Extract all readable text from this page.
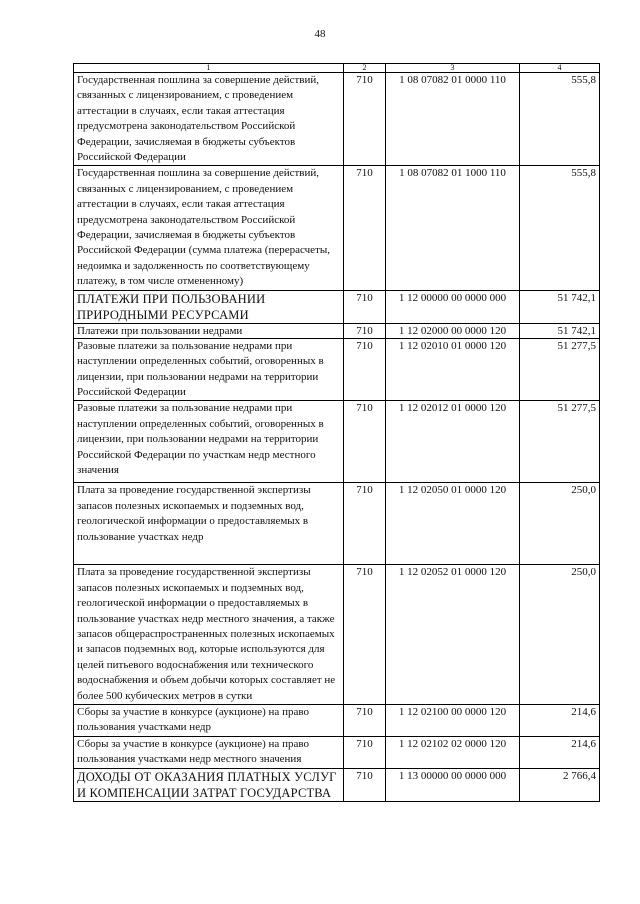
48
1	2	3	4
Государственная пошлина за совершение действий, связанных с лицензированием, с проведением аттестации в случаях, если такая аттестация предусмотрена законодательством Российской Федерации, зачисляемая в бюджеты субъектов Российской Федерации	710	1 08 07082 01 0000 110	555,8
Государственная пошлина за совершение действий, связанных с лицензированием, с проведением аттестации в случаях, если такая аттестация предусмотрена законодательством Российской Федерации, зачисляемая в бюджеты субъектов Российской Федерации (сумма платежа (перерасчеты, недоимка и задолженность по соответствующему платежу, в том числе отмененному)	710	1 08 07082 01 1000 110	555,8
ПЛАТЕЖИ ПРИ ПОЛЬЗОВАНИИ ПРИРОДНЫМИ РЕСУРСАМИ	710	1 12 00000 00 0000 000	51 742,1
Платежи при пользовании недрами	710	1 12 02000 00 0000 120	51 742,1
Разовые платежи за пользование недрами при наступлении определенных событий, оговоренных в лицензии, при пользовании недрами на территории Российской Федерации	710	1 12 02010 01 0000 120	51 277,5
Разовые платежи за пользование недрами при наступлении определенных событий, оговоренных в лицензии, при пользовании недрами на территории Российской Федерации по участкам недр местного значения	710	1 12 02012 01 0000 120	51 277,5
Плата за проведение государственной экспертизы запасов полезных ископаемых и подземных вод, геологической информации о предоставляемых в пользование участках недр	710	1 12 02050 01 0000 120	250,0
Плата за проведение государственной экспертизы запасов полезных ископаемых и подземных вод, геологической информации о предоставляемых в пользование участках недр местного значения, а также запасов общераспространенных полезных ископаемых и запасов подземных вод, которые используются для целей питьевого водоснабжения или технического водоснабжения и объем добычи которых составляет не более 500 кубических метров в сутки	710	1 12 02052 01 0000 120	250,0
Сборы за участие в конкурсе (аукционе) на право пользования участками недр	710	1 12 02100 00 0000 120	214,6
Сборы за участие в конкурсе (аукционе) на право пользования участками недр местного значения	710	1 12 02102 02 0000 120	214,6
ДОХОДЫ ОТ ОКАЗАНИЯ ПЛАТНЫХ УСЛУГ И КОМПЕНСАЦИИ ЗАТРАТ ГОСУДАРСТВА	710	1 13 00000 00 0000 000	2 766,4
